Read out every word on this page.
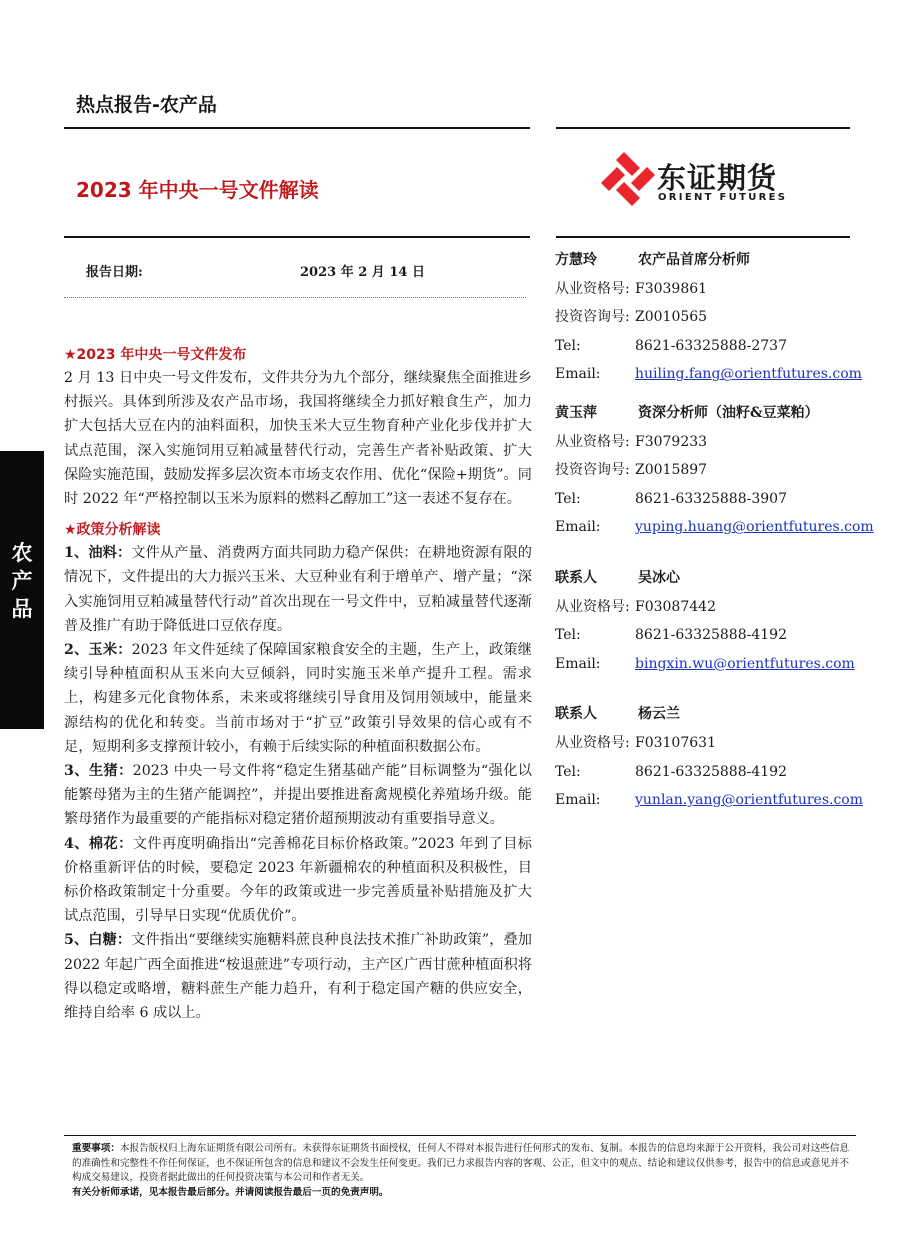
热点报告-农产品
2023 年中央一号文件解读	东证期货
ORIENT FUTURES
报告日期:	2023 年 2 月 14 日
农
产
品
★2023 年中央一号文件发布

2 月 13 日中央一号文件发布，文件共分为九个部分，继续聚焦全面推进乡村振兴。具体到所涉及农产品市场，我国将继续全力抓好粮食生产，加力扩大包括大豆在内的油料面积，加快玉米大豆生物育种产业化步伐并扩大试点范围，深入实施饲用豆粕减量替代行动，完善生产者补贴政策、扩大保险实施范围，鼓励发挥多层次资本市场支农作用、优化“保险+期货”。同时 2022 年“严格控制以玉米为原料的燃料乙醇加工”这一表述不复存在。

★政策分析解读

1、油料：文件从产量、消费两方面共同助力稳产保供：在耕地资源有限的情况下，文件提出的大力振兴玉米、大豆种业有利于增单产、增产量；“深入实施饲用豆粕减量替代行动”首次出现在一号文件中，豆粕减量替代逐渐普及推广有助于降低进口豆依存度。

2、玉米：2023 年文件延续了保障国家粮食安全的主题，生产上，政策继续引导种植面积从玉米向大豆倾斜，同时实施玉米单产提升工程。需求上，构建多元化食物体系，未来或将继续引导食用及饲用领域中，能量来源结构的优化和转变。当前市场对于“扩豆”政策引导效果的信心或有不足，短期利多支撑预计较小，有赖于后续实际的种植面积数据公布。

3、生猪：2023 中央一号文件将“稳定生猪基础产能”目标调整为“强化以能繁母猪为主的生猪产能调控”，并提出要推进畜禽规模化养殖场升级。能繁母猪作为最重要的产能指标对稳定猪价超预期波动有重要指导意义。

4、棉花：文件再度明确指出“完善棉花目标价格政策。”2023 年到了目标价格重新评估的时候，要稳定 2023 年新疆棉农的种植面积及积极性，目标价格政策制定十分重要。今年的政策或进一步完善质量补贴措施及扩大试点范围，引导早日实现“优质优价”。

5、白糖：文件指出“要继续实施糖料蔗良种良法技术推广补助政策”，叠加 2022 年起广西全面推进“桉退蔗进”专项行动，主产区广西甘蔗种植面积将得以稳定或略增，糖料蔗生产能力趋升，有利于稳定国产糖的供应安全，维持自给率 6 成以上。

方慧玲	农产品首席分析师
从业资格号: F3039861
投资咨询号: Z0010565
Tel:	8621-63325888-2737
Email: huiling.fang@orientfutures.com
黄玉萍	资深分析师（油籽&豆菜粕）
从业资格号: F3079233
投资咨询号: Z0015897
Tel:	8621-63325888-3907
Email: yuping.huang@orientfutures.com
联系人	吴冰心
从业资格号: F03087442
Tel:	8621-63325888-4192
Email: bingxin.wu@orientfutures.com
联系人	杨云兰
从业资格号: F03107631
Tel:	8621-63325888-4192
Email: yunlan.yang@orientfutures.com
重要事项：本报告版权归上海东证期货有限公司所有。未获得东证期货书面授权，任何人不得对本报告进行任何形式的发布、复制。本报告的信息均来源于公开资料，我公司对这些信息的准确性和完整性不作任何保证，也不保证所包含的信息和建议不会发生任何变更。我们已力求报告内容的客观、公正，但文中的观点、结论和建议仅供参考，报告中的信息或意见并不构成交易建议，投资者据此做出的任何投资决策与本公司和作者无关。
有关分析师承诺，见本报告最后部分。并请阅读报告最后一页的免责声明。
